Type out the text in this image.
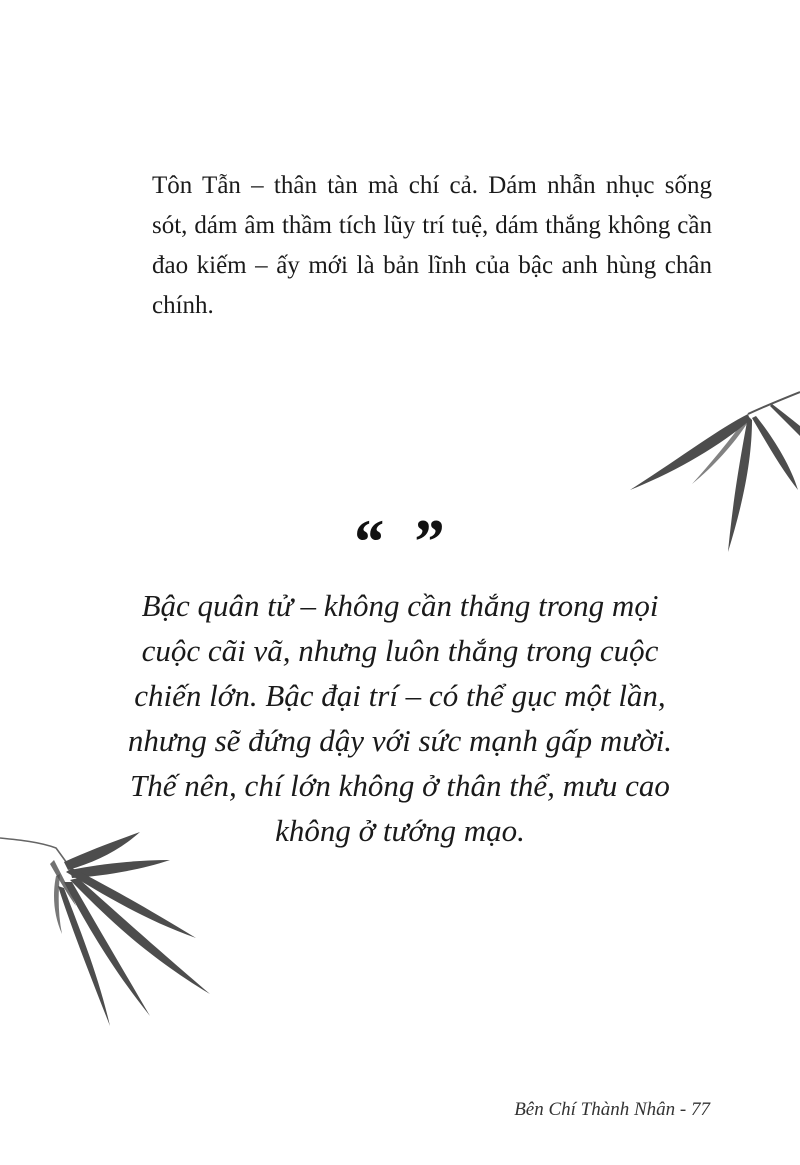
Tôn Tẫn – thân tàn mà chí cả. Dám nhẫn nhục sống
sót, dám âm thầm tích lũy trí tuệ, dám thắng không cần
đao kiếm – ấy mới là bản lĩnh của bậc anh hùng chân
chính.

“ ”

Bậc quân tử – không cần thắng trong mọi
cuộc cãi vã, nhưng luôn thắng trong cuộc
chiến lớn. Bậc đại trí – có thể gục một lần,
nhưng sẽ đứng dậy với sức mạnh gấp mười.
Thế nên, chí lớn không ở thân thể, mưu cao
không ở tướng mạo.

Bên Chí Thành Nhân - 77
